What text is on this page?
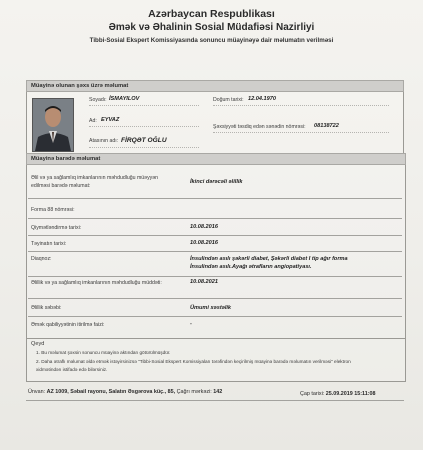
Azərbaycan Respublikası
Əmək və Əhalinin Sosial Müdafiəsi Nazirliyi
Tibbi-Sosial Ekspert Komissiyasında sonuncu müayinəyə dair məlumatın verilməsi
Müayinə olunan şəxs üzrə məlumat
Soyadı: İSMAYILOV
Ad: EYVAZ
Atasının adı: FİRQƏT OĞLU
Doğum tarixi: 12.04.1970
Şəxsiyyəti təsdiq edən sənədin nömrəsi: 08138722
Müayinə barədə məlumat
Əlil və ya sağlamlıq imkanlarının məhdudluğu müəyyən edilməsi barədə məlumat:
İkinci dərəcəli əlillik
Forma 88 nömrəsi:
Qiymətləndirmə tarixi:	10.08.2016
Təyinatın tarixi:	10.08.2016
Diaqnoz:	İnsulindən asılı şəkərli diabet, Şəkərli diabet I tip ağır forma İnsulindən asılı.Ayağı ətrafların angiopatiyası.
Əlillik və ya sağlamlıq imkanlarının məhdudluğu müddəti:	10.08.2021
Əlillik səbəbi:	Ümumi xəstəlik
Əmək qabiliyyətinin itirilmə faizi:	-
Qeyd
1. Bu məlumat şəxsin sonuncu müayinə aktından götürülmüşdür.
2. Daha ətraflı məlumat əldə etmək istəyirsinizsə "Tibbi-Sosial Ekspert Komissiyaları tərəfindən keçirilmiş müayinə barədə məlumatın verilməsi" elektron
xidmətindən istifadə edə bilərsiniz.
Ünvan: AZ 1009, Səbail rayonu, Salatın Əsgərova küç., 85, Çağrı mərkəzi: 142	Çap tarixi: 25.09.2019 15:11:08
